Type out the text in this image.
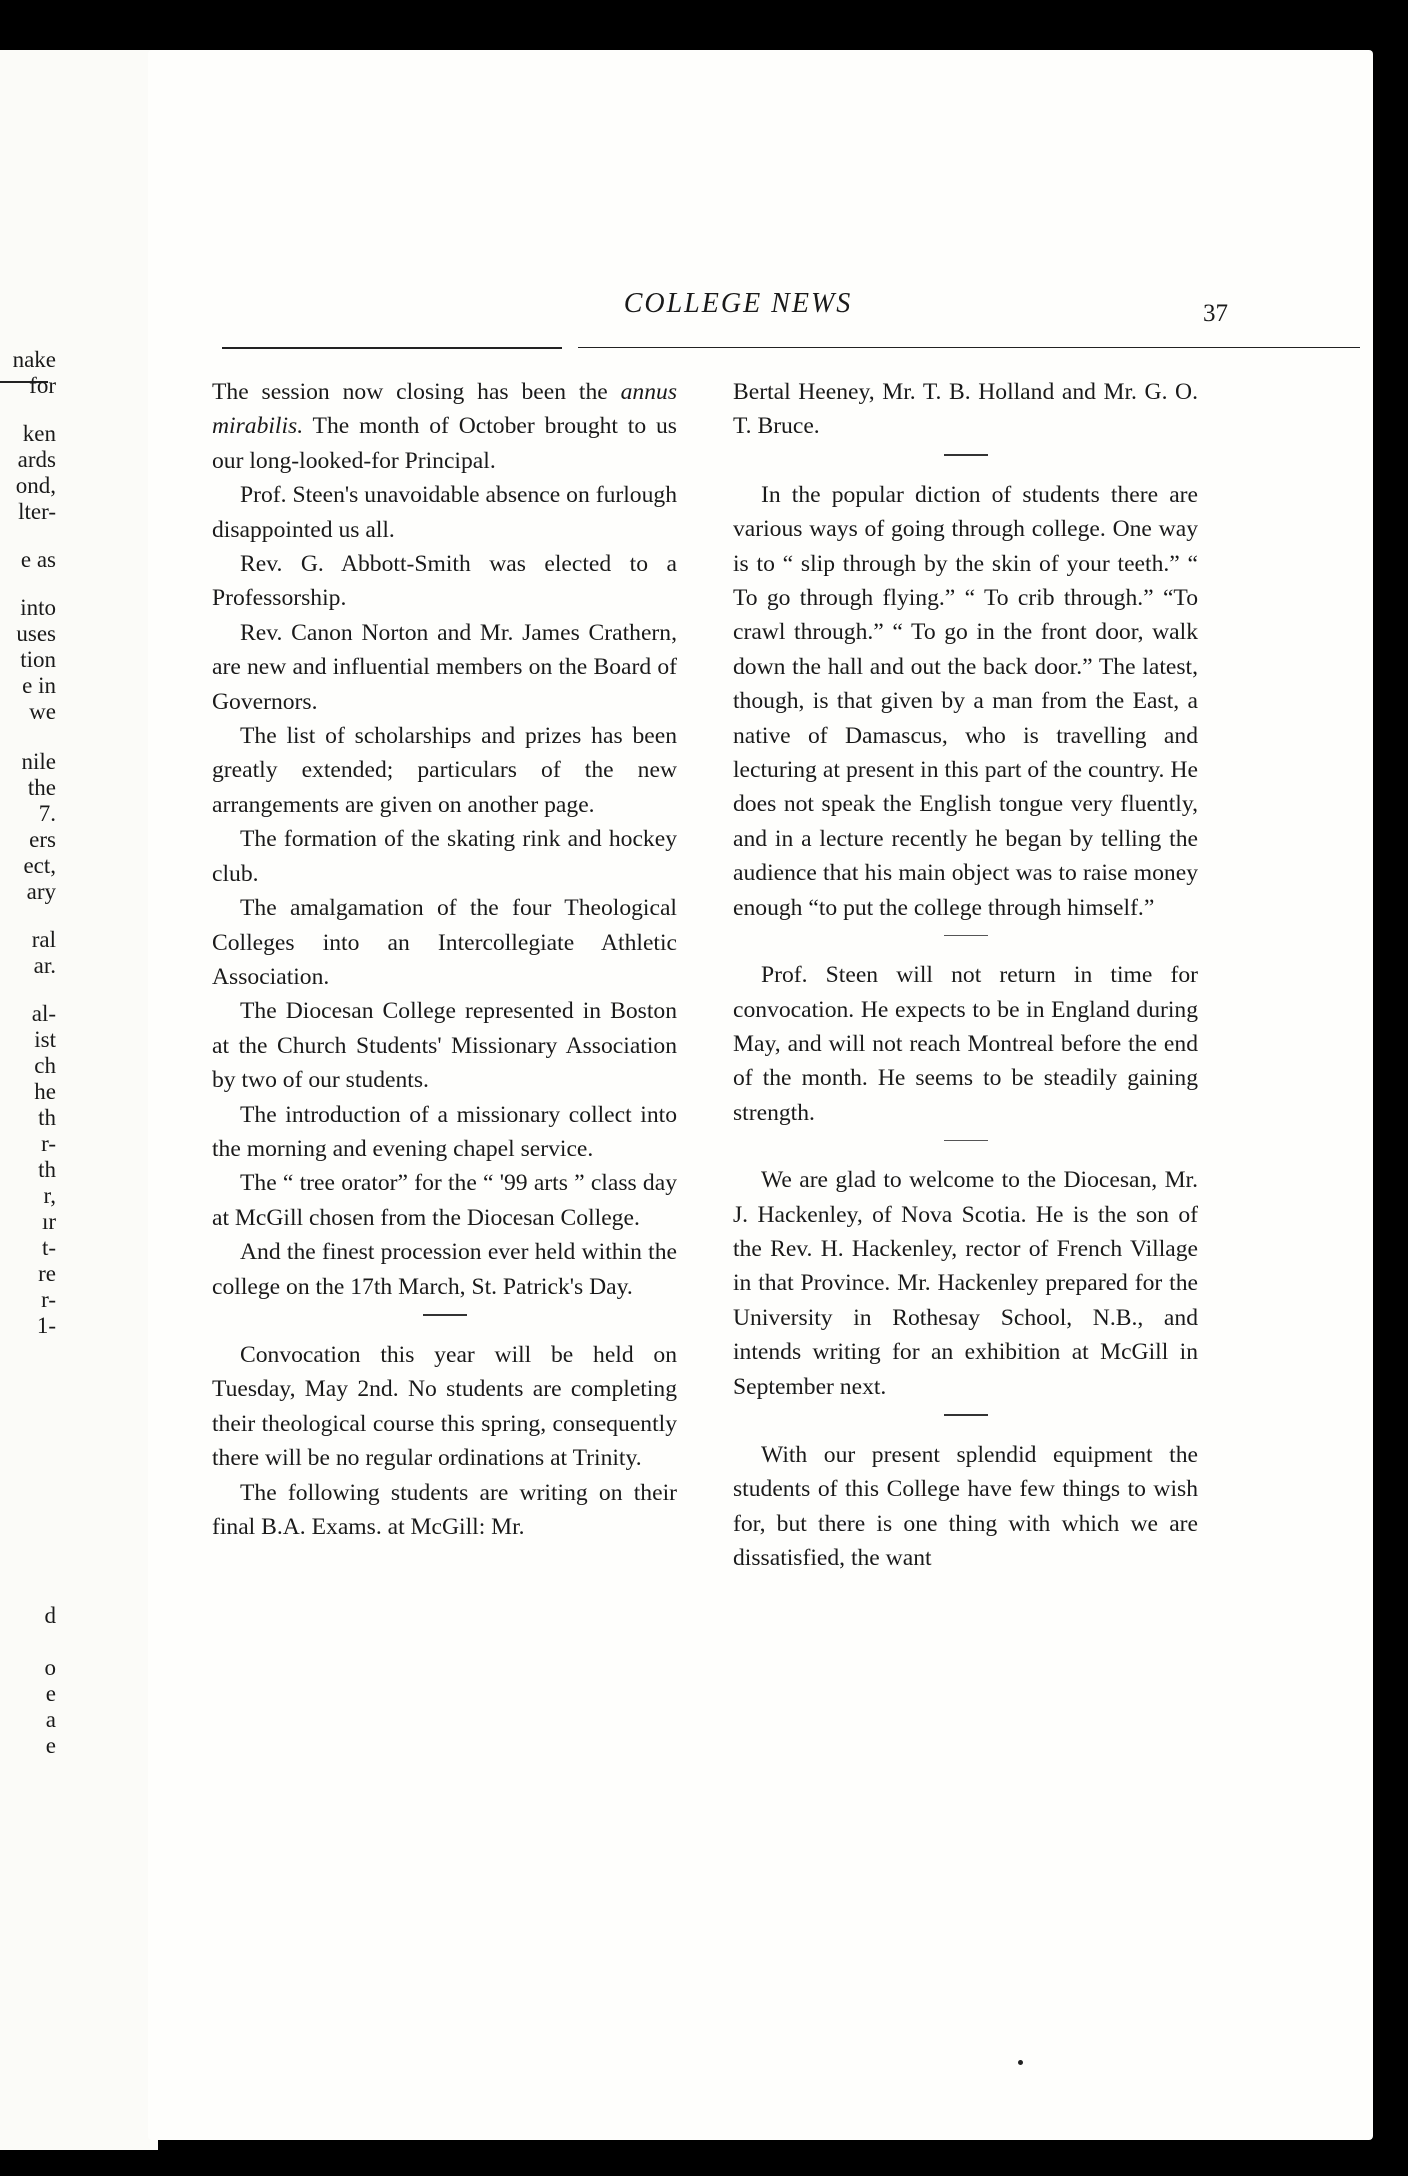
nake
for
ken
ards
ond,
lter-
e as
into
uses
tion
e in
we
nile
the
7.
ers
ect,
ary
ral
ar.
al-
ist
ch
he
th
r-
th
r,
ır
t-
re
r-
1-
d
o
e
a
e
COLLEGE NEWS	37

The session now closing has been the annus mirabilis. The month of October brought to us our long-looked-for Principal.

Prof. Steen's unavoidable absence on furlough disappointed us all.

Rev. G. Abbott-Smith was elected to a Professorship.

Rev. Canon Norton and Mr. James Crathern, are new and influential members on the Board of Governors.

The list of scholarships and prizes has been greatly extended; particulars of the new arrangements are given on another page.

The formation of the skating rink and hockey club.

The amalgamation of the four Theological Colleges into an Intercollegiate Athletic Association.

The Diocesan College represented in Boston at the Church Students' Missionary Association by two of our students.

The introduction of a missionary collect into the morning and evening chapel service.

The “ tree orator” for the “ '99 arts ” class day at McGill chosen from the Diocesan College.

And the finest procession ever held within the college on the 17th March, St. Patrick's Day.

Convocation this year will be held on Tuesday, May 2nd. No students are completing their theological course this spring, consequently there will be no regular ordinations at Trinity.

The following students are writing on their final B.A. Exams. at McGill: Mr.

Bertal Heeney, Mr. T. B. Holland and Mr. G. O. T. Bruce.

In the popular diction of students there are various ways of going through college. One way is to “ slip through by the skin of your teeth.” “ To go through flying.” “ To crib through.” “To crawl through.” “ To go in the front door, walk down the hall and out the back door.” The latest, though, is that given by a man from the East, a native of Damascus, who is travelling and lecturing at present in this part of the country. He does not speak the English tongue very fluently, and in a lecture recently he began by telling the audience that his main object was to raise money enough “to put the college through himself.”

Prof. Steen will not return in time for convocation. He expects to be in England during May, and will not reach Montreal before the end of the month. He seems to be steadily gaining strength.

We are glad to welcome to the Diocesan, Mr. J. Hackenley, of Nova Scotia. He is the son of the Rev. H. Hackenley, rector of French Village in that Province. Mr. Hackenley prepared for the University in Rothesay School, N.B., and intends writing for an exhibition at McGill in September next.

With our present splendid equipment the students of this College have few things to wish for, but there is one thing with which we are dissatisfied, the want
